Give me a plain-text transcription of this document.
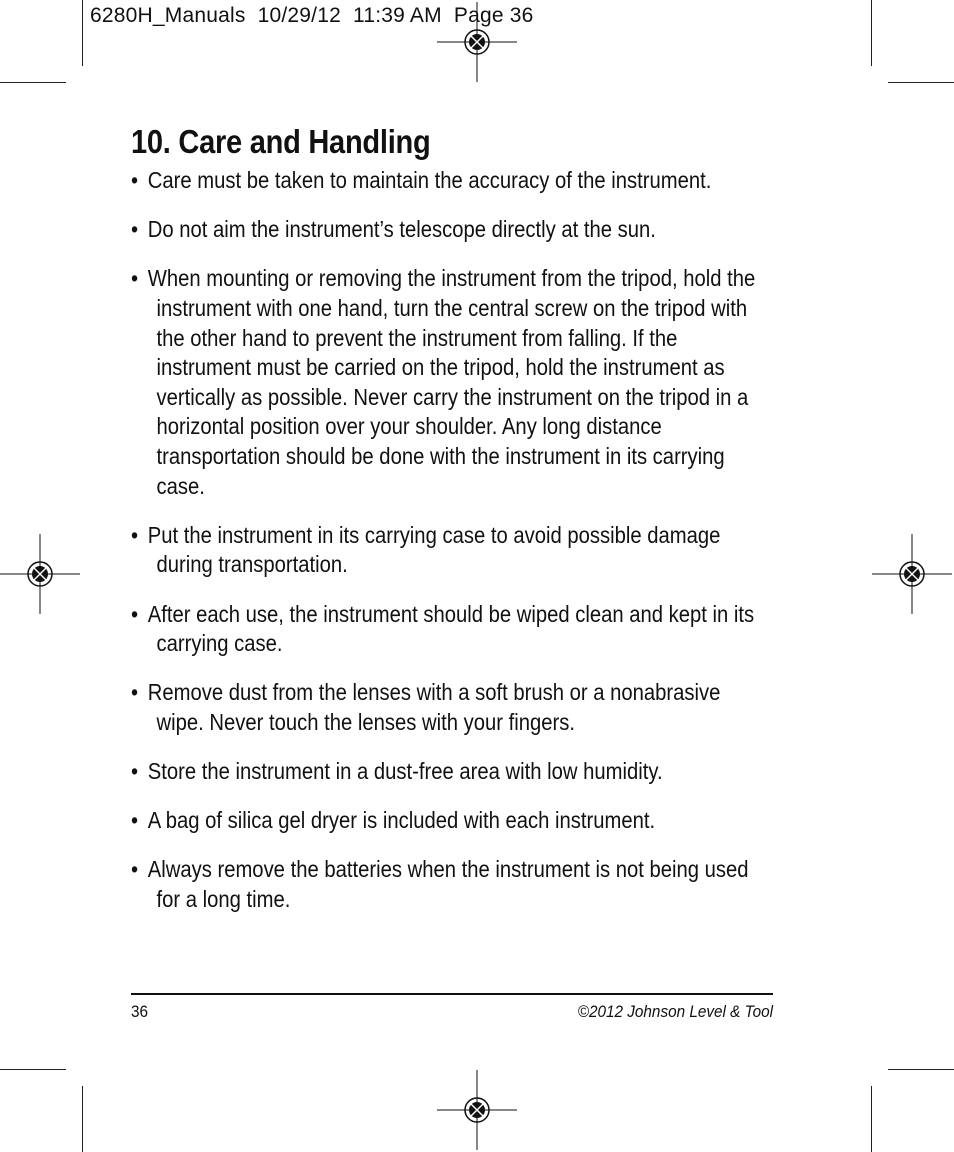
6280H_Manuals  10/29/12  11:39 AM  Page 36
10. Care and Handling

• Care must be taken to maintain the accuracy of the instrument.

• Do not aim the instrument’s telescope directly at the sun.

• When mounting or removing the instrument from the tripod, hold the instrument with one hand, turn the central screw on the tripod with the other hand to prevent the instrument from falling. If the instrument must be carried on the tripod, hold the instrument as vertically as possible. Never carry the instrument on the tripod in a horizontal position over your shoulder. Any long distance transportation should be done with the instrument in its carrying case.

• Put the instrument in its carrying case to avoid possible damage during transportation.

• After each use, the instrument should be wiped clean and kept in its carrying case.

• Remove dust from the lenses with a soft brush or a nonabrasive wipe. Never touch the lenses with your fingers.

• Store the instrument in a dust-free area with low humidity.

• A bag of silica gel dryer is included with each instrument.

• Always remove the batteries when the instrument is not being used for a long time.

36	©2012 Johnson Level & Tool
